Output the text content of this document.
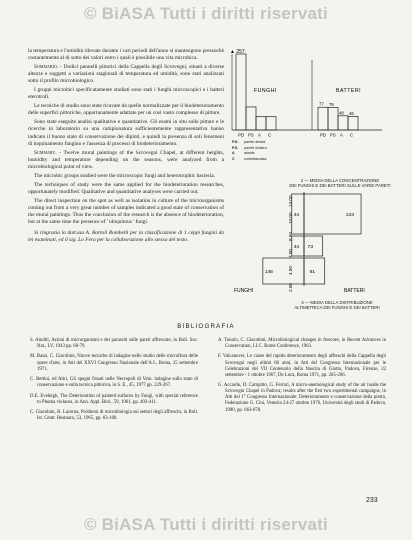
© BiASA Tutti i diritti riservati

la temperatura e l'umidità rilevate durante i vari periodi dell'anno si mantengono pressochè costantemente al di sotto dei valori entro i quali è possibile una vita microbica.

Sommario. - Dodici pannelli pittorici della Cappella degli Scrovegni, situati a diverse altezze e soggetti a variazioni stagionali di temperatura ed umidità, sono stati analizzati sotto il profilo microbiologico.

I gruppi microbici specificatamente studiati sono stati i funghi microscopici e i batteri eterotrofi.

Le tecniche di studio sono state ricavate da quelle normalizzate per il biodeterioramento delle superfici pittoriche, opportunamente adattate per un così vasto complesso di pitture.

Sono state eseguite analisi qualitative e quantitative. Gli esami in situ sulle pitture e le ricerche in laboratorio su una campionatura sufficientemente rappresentativa hanno indicato il buono stato di conservazione dei dipinti, e quindi la presenza di soli fenomeni di inquinamento fungino e l'assenza di processi di biodeterioramento.

Summary. - Twelve mural paintings of the Scrovegni Chapel, at different heights, humidity and temperature depending on the seasons, were analyzed from a microbiological point of view.

The microbic groups studied were the microscopic fungi and heterotrophic bacteria.

The techniques of study were the same applied for the biodeterioration researches, opportunately modified. Qualitative and quantitative analyses were carried out.

The direct inspection on the spot as well as isolation in culture of the microorganisms coming out from a very great number of samples indicated a good state of conservation of the mural paintings. Thus the conclusion of the research is the absence of biodeterioration, but at the same time the presence of ' ubiquitous ' fungi.

Si ringrazia la dott.ssa A. Bartoli Rombelli per la classificazione di 1 ceppi fungini da lei esaminati, ed il sig. Lo Fera per la collaborazione allo stesso del testo.

FUNGHI	BATTERI
▲ 257
PD PS A C	PD PS A C
77 76
48 46
2 — MEDIA DELLA CONCENTRAZIONE
DEI FUNGHI E DEI BATTERI SULLE VARIE PARETI
P.D. parete destra
P.S. parete sinistra
A	abside
C	controfacciata
2.00
4.50
7.00
8.50
10.00
13.00
44	223
44 73
148	81
FUNGHI	BATTERI
3 — MEDIA DELLA DISTRIBUZIONE
ALTIMETRICA DEI FUNGHI E DEI BATTERI
BIBLIOGRAFIA

S. Aiuditi, Azioni di microrganismi e dei parassiti sulle pareti affrescate, in Boll. Soc. Nat., LV, 1943 pp. 68-79.

M. Bassi, C. Giacobini, Nuove tecniche di indagine nello studio delle microflora delle opere d'arte, in Atti del XXVI Congresso Nazionale dell'A.I., Roma, 25 settembre 1971.

C. Bettini, ed Altri, Gli spugni fissati nelle Necropoli di Veio: indagine sullo stato di conservazione e sulla tecnica pittorica, in S. E., 45, 1977 pp. 229-267.

D.E. Eveleigh, The Deterioration of painted surfaces by Fungi, with special reference to Phoma violacea, in Ann. Appl. Biol., 59, 1961, pp. 403-411.

C. Giacobini, R. Lacerna, Problemi di microbiologia sui settori degli affreschi, in Boll. Ist. Centr. Restauro, 53, 1965, pp. 83-108.

A. Tonolo, C. Giacobini, Microbiological changes in frescoes, in Recent Advances in Conservation, I.I.C. Rome Conference, 1963.

F. Valcanover, Le cause del rapido deterioramento degli affreschi della Cappella degli Scrovegni negli ultimi 60 anni, in Atti del Congresso Internazionale per le Celebrazioni del VII Centenario della Nascita di Giotto, Padova, Firenze, 22 settembre - 1 ottobre 1967, De Luca, Roma 1971, pp. 205-206.

G. Accardo, D. Campitto, G. Ferrari, A micro-anemological study of the air inside the Scrovegni Chapel in Padova; results after the first two experimental campaigns, in Atti del 1° Congresso Internazionale: Deterioramento e conservazione della pietra, Federazione G. Cini, Venezia 24-27 ottobre 1976, Università degli studi di Padova, 1980, pp. 663-678.

233
© BiASA Tutti i diritti riservati
